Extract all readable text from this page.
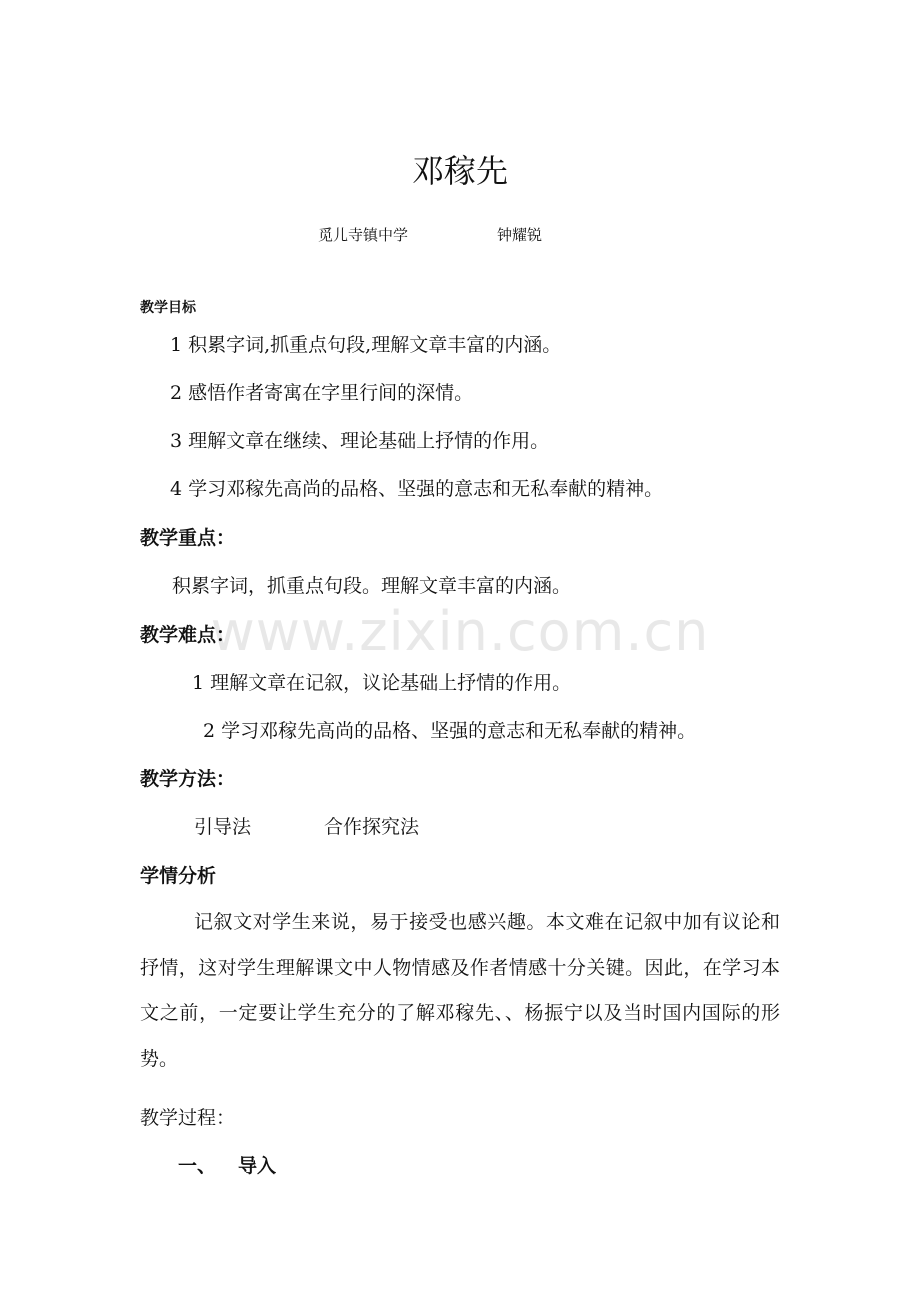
www.zixin.com.cn
邓稼先
觅儿寺镇中学	钟耀锐
教学目标
1 积累字词,抓重点句段,理解文章丰富的内涵。
2 感悟作者寄寓在字里行间的深情。
3 理解文章在继续、理论基础上抒情的作用。
4 学习邓稼先高尚的品格、坚强的意志和无私奉献的精神。
教学重点：
积累字词，抓重点句段。理解文章丰富的内涵。
教学难点：
1 理解文章在记叙，议论基础上抒情的作用。
2 学习邓稼先高尚的品格、坚强的意志和无私奉献的精神。
教学方法：
引导法	合作探究法
学情分析
记叙文对学生来说，易于接受也感兴趣。本文难在记叙中加有议论和抒情，这对学生理解课文中人物情感及作者情感十分关键。因此，在学习本文之前，一定要让学生充分的了解邓稼先、、杨振宁以及当时国内国际的形势。
教学过程：
一、 导入
